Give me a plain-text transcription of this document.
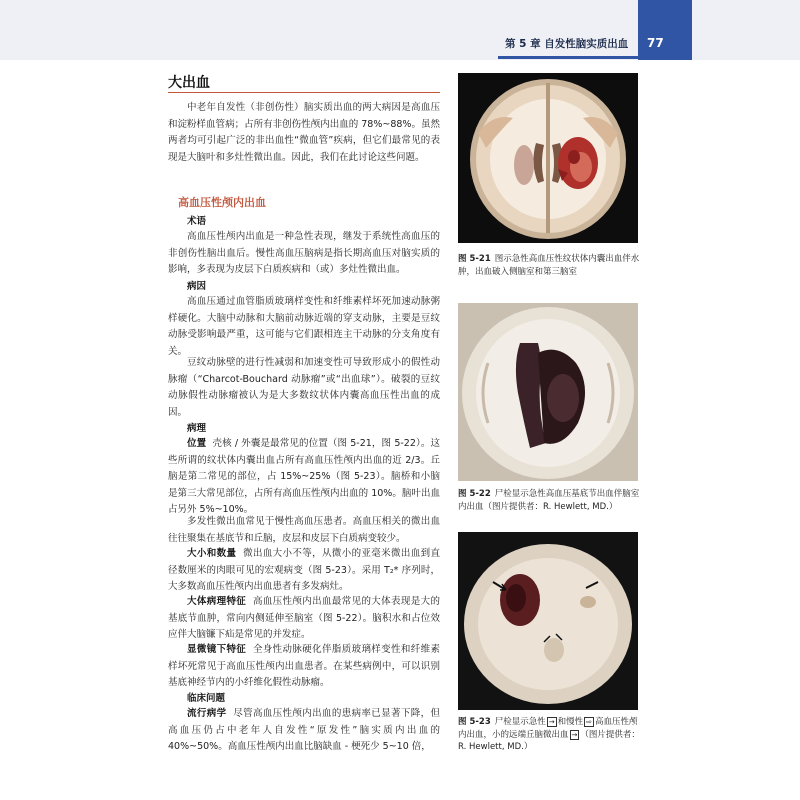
第 5 章 自发性脑实质出血 77
大出血

中老年自发性（非创伤性）脑实质出血的两大病因是高血压和淀粉样血管病；占所有非创伤性颅内出血的 78%~88%。虽然两者均可引起广泛的非出血性“微血管”疾病，但它们最常见的表现是大脑叶和多灶性微出血。因此，我们在此讨论这些问题。

高血压性颅内出血
术语

高血压性颅内出血是一种急性表现，继发于系统性高血压的非创伤性脑出血后。慢性高血压脑病是指长期高血压对脑实质的影响，多表现为皮层下白质疾病和（或）多灶性微出血。

病因

高血压通过血管脂质玻璃样变性和纤维素样坏死加速动脉粥样硬化。大脑中动脉和大脑前动脉近端的穿支动脉，主要是豆纹动脉受影响最严重，这可能与它们跟相连主干动脉的分支角度有关。

豆纹动脉壁的进行性减弱和加速变性可导致形成小的假性动脉瘤（“Charcot-Bouchard 动脉瘤”或“出血球”）。破裂的豆纹动脉假性动脉瘤被认为是大多数纹状体内囊高血压性出血的成因。

病理

位置 壳核 / 外囊是最常见的位置（图 5-21，图 5-22）。这些所谓的纹状体内囊出血占所有高血压性颅内出血的近 2/3。丘脑是第二常见的部位，占 15%~25%（图 5-23）。脑桥和小脑是第三大常见部位，占所有高血压性颅内出血的 10%。脑叶出血占另外 5%~10%。

多发性微出血常见于慢性高血压患者。高血压相关的微出血往往聚集在基底节和丘脑，皮层和皮层下白质病变较少。

大小和数量 微出血大小不等，从微小的亚毫米微出血到直径数厘米的肉眼可见的宏观病变（图 5-23）。采用 T₂* 序列时，大多数高血压性颅内出血患者有多发病灶。

大体病理特征 高血压性颅内出血最常见的大体表现是大的基底节血肿，常向内侧延伸至脑室（图 5-22）。脑积水和占位效应伴大脑镰下疝是常见的并发症。

显微镜下特征 全身性动脉硬化伴脂质玻璃样变性和纤维素样坏死常见于高血压性颅内出血患者。在某些病例中，可以识别基底神经节内的小纤维化假性动脉瘤。

临床问题

流行病学 尽管高血压性颅内出血的患病率已显著下降，但高血压仍占中老年人自发性“原发性”脑实质内出血的 40%~50%。高血压性颅内出血比脑缺血 - 梗死少 5~10 倍，

图 5-21 图示急性高血压性纹状体内囊出血伴水肿，出血破入侧脑室和第三脑室
图 5-22 尸检显示急性高血压基底节出血伴脑室内出血（图片提供者：R. Hewlett, MD.）
图 5-23 尸检显示急性 → 和慢性 ⇨ 高血压性颅内出血，小的远端丘脑微出血 → （图片提供者：R. Hewlett, MD.）
